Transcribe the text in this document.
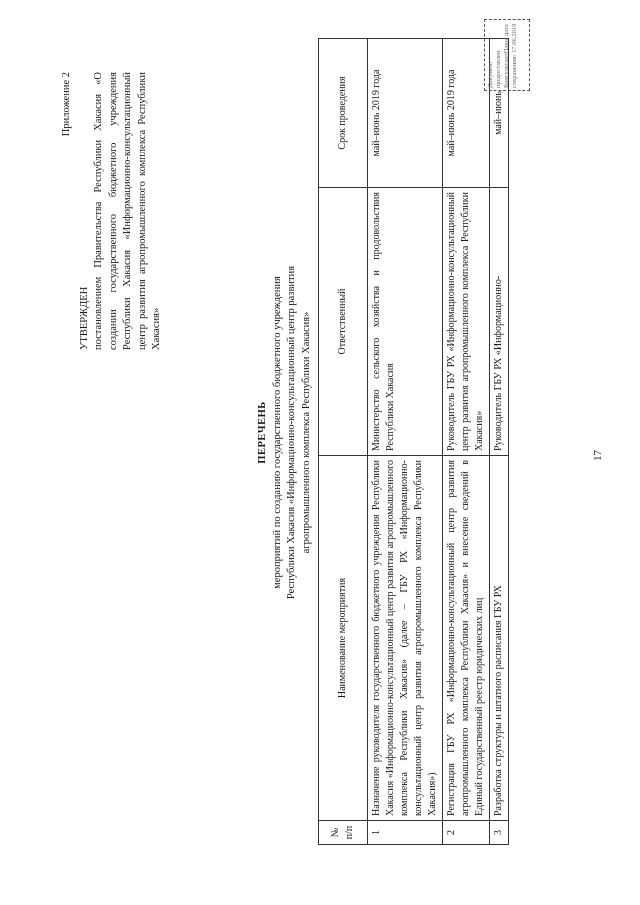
17
Приложение 2
УТВЕРЖДЕН постановлением Правительства Республики Хакасия «О создании государственного бюджетного учреждения Республики Хакасия «Информационно-консультационный центр развития агропромышленного комплекса Республики Хакасия»
ПЕРЕЧЕНЬ мероприятий по созданию государственного бюджетного учреждения Республики Хакасия «Информационно-консультационный центр развития агропромышленного комплекса Республики Хакасия»
№ п/п	Наименование мероприятия	Ответственный	Срок проведения
1	Назначение руководителя государственного бюджетного учреждения Республики Хакасия «Информационно-консультационный центр развития агропромышленного комплекса Республики Хакасия» (далее – ГБУ РХ «Информационно-консультационный центр развития агропромышленного комплекса Республики Хакасия»)	Министерство сельского хозяйства и продовольствия Республики Хакасия	май–июнь 2019 года
2	Регистрация ГБУ РХ «Информационно-консультационный центр развития агропромышленного комплекса Республики Хакасия» и внесение сведений в Единый государственный реестр юридических лиц	Руководитель ГБУ РХ «Информационно-консультационный центр развития агропромышленного комплекса Республики Хакасия»	май–июнь 2019 года
3	Разработка структуры и штатного расписания ГБУ РХ	Руководитель ГБУ РХ «Информационно-	май–июнь
Документ предоставлен КонсультантПлюс дата сохранения: 17.06.2019
